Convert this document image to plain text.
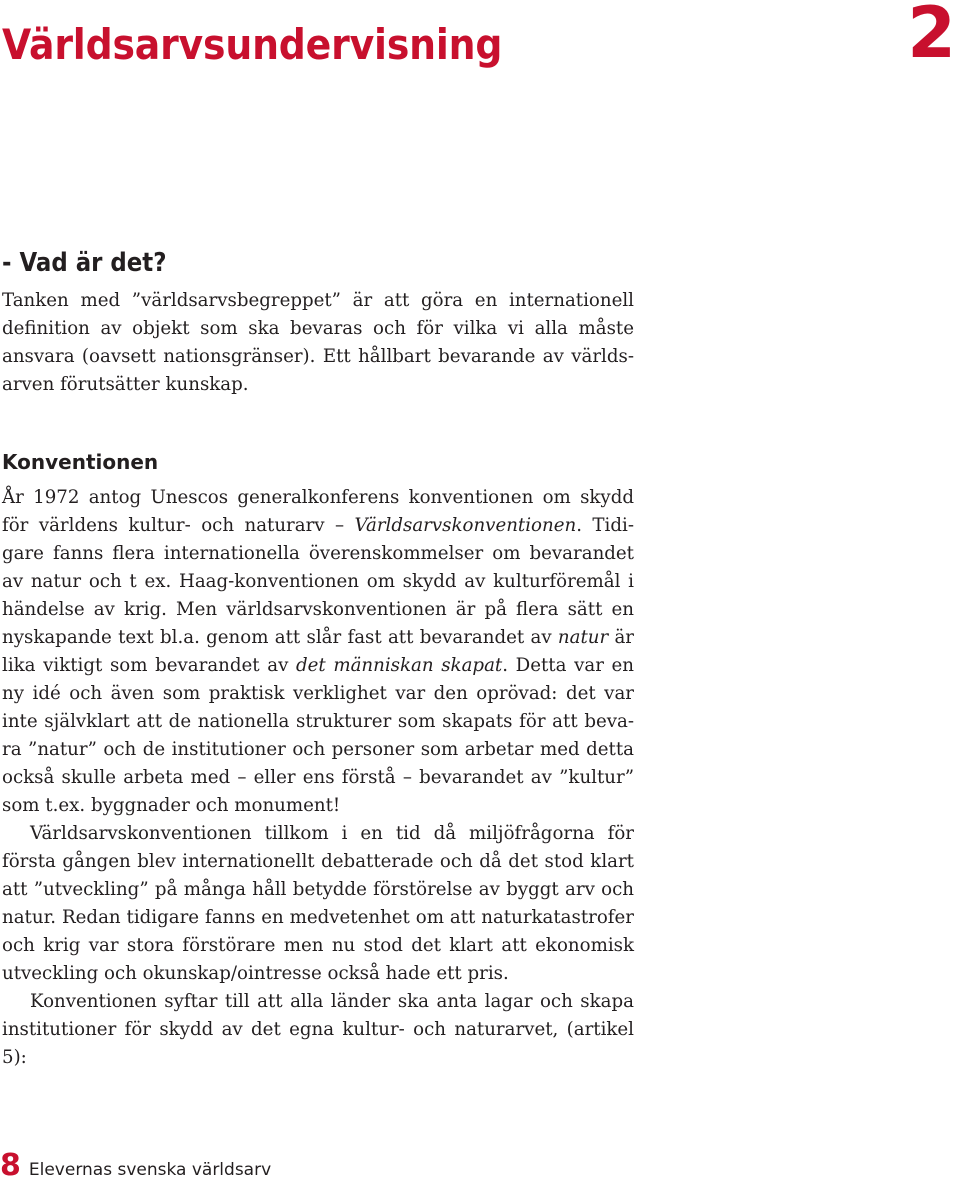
Världsarvsundervisning	2
- Vad är det?

Tanken med ”världsarvsbegreppet” är att göra en internationell definition av objekt som ska bevaras och för vilka vi alla måste ansvara (oavsett nationsgränser). Ett hållbart bevarande av världsarven förutsätter kunskap.

Konventionen

År 1972 antog Unescos generalkonferens konventionen om skydd för världens kultur- och naturarv – Världsarvskonventionen. Tidigare fanns flera internationella överenskommelser om bevarandet av natur och t ex. Haag-konventionen om skydd av kulturföremål i händelse av krig. Men världsarvskonventionen är på flera sätt en nyskapande text bl.a. genom att slår fast att bevarandet av natur är lika viktigt som bevarandet av det människan skapat. Detta var en ny idé och även som praktisk verklighet var den oprövad: det var inte självklart att de nationella strukturer som skapats för att bevara ”natur” och de institutioner och personer som arbetar med detta också skulle arbeta med – eller ens förstå – bevarandet av ”kultur” som t.ex. byggnader och monument!

Världsarvskonventionen tillkom i en tid då miljöfrågorna för första gången blev internationellt debatterade och då det stod klart att ”utveckling” på många håll betydde förstörelse av byggt arv och natur. Redan tidigare fanns en medvetenhet om att naturkatastrofer och krig var stora förstörare men nu stod det klart att ekonomisk utveckling och okunskap/ointresse också hade ett pris.

Konventionen syftar till att alla länder ska anta lagar och skapa institutioner för skydd av det egna kultur- och naturarvet, (artikel 5):

8 Elevernas svenska världsarv
